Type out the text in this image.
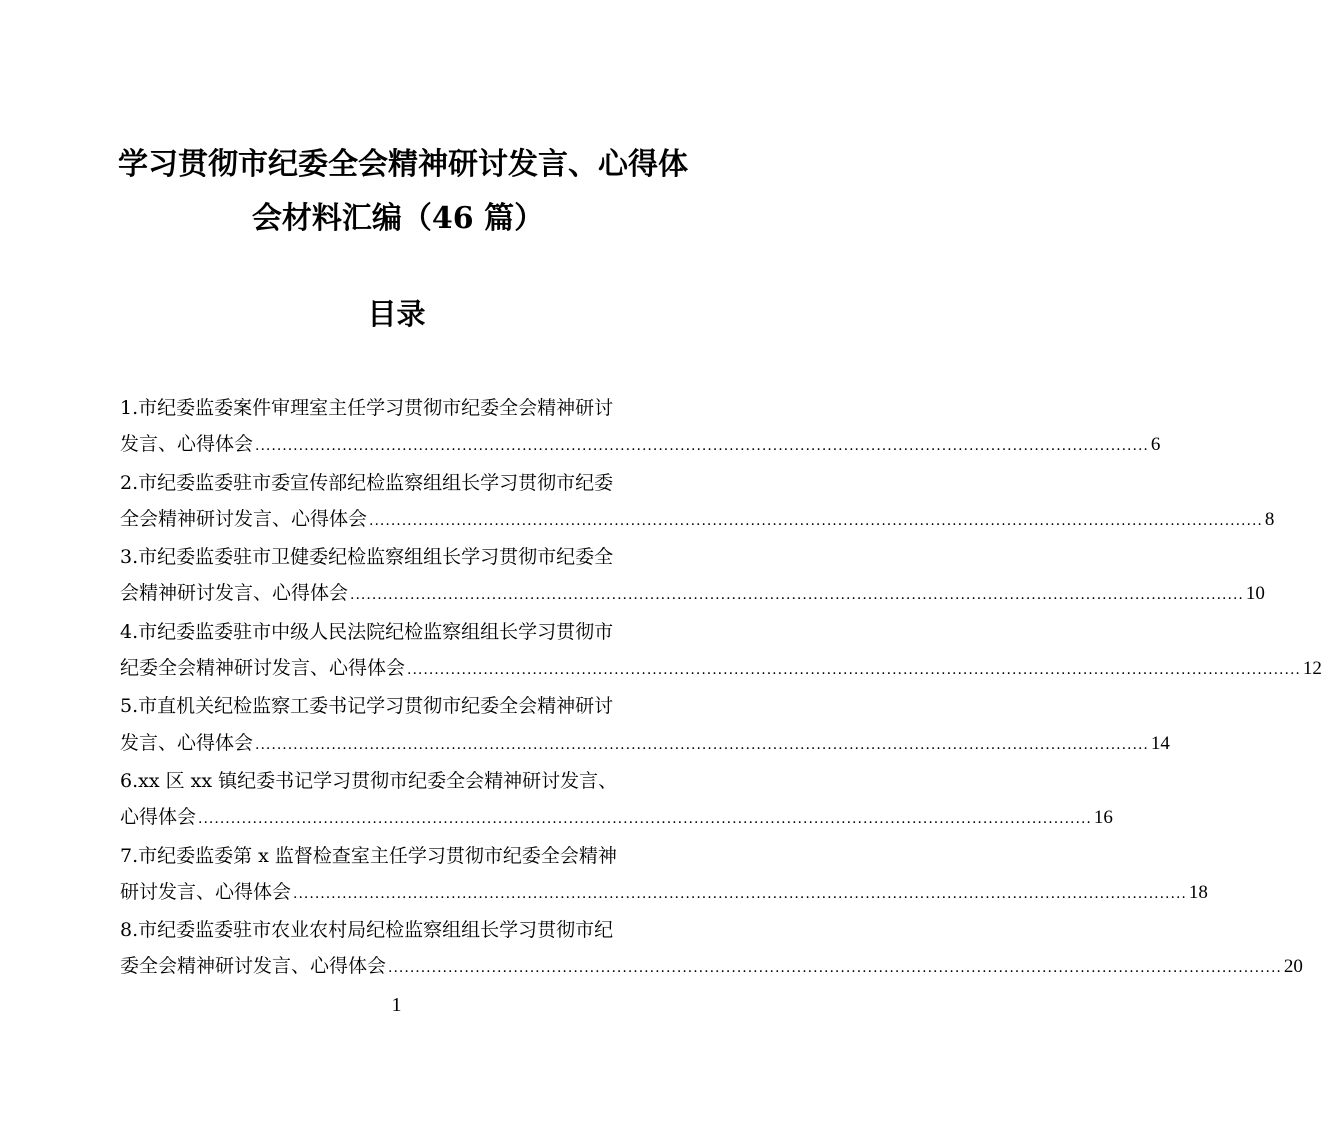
学习贯彻市纪委全会精神研讨发言、心得体
会材料汇编（46 篇）
目录
1.市纪委监委案件审理室主任学习贯彻市纪委全会精神研讨
发言、心得体会 .................................................................................................................................................................... 6
2.市纪委监委驻市委宣传部纪检监察组组长学习贯彻市纪委
全会精神研讨发言、心得体会 .................................................................................................................................................................... 8
3.市纪委监委驻市卫健委纪检监察组组长学习贯彻市纪委全
会精神研讨发言、心得体会 .................................................................................................................................................................... 10
4.市纪委监委驻市中级人民法院纪检监察组组长学习贯彻市
纪委全会精神研讨发言、心得体会 .................................................................................................................................................................... 12
5.市直机关纪检监察工委书记学习贯彻市纪委全会精神研讨
发言、心得体会 .................................................................................................................................................................... 14
6.xx 区 xx 镇纪委书记学习贯彻市纪委全会精神研讨发言、
心得体会 .................................................................................................................................................................... 16
7.市纪委监委第 x 监督检查室主任学习贯彻市纪委全会精神
研讨发言、心得体会 .................................................................................................................................................................... 18
8.市纪委监委驻市农业农村局纪检监察组组长学习贯彻市纪
委全会精神研讨发言、心得体会 .................................................................................................................................................................... 20
1
